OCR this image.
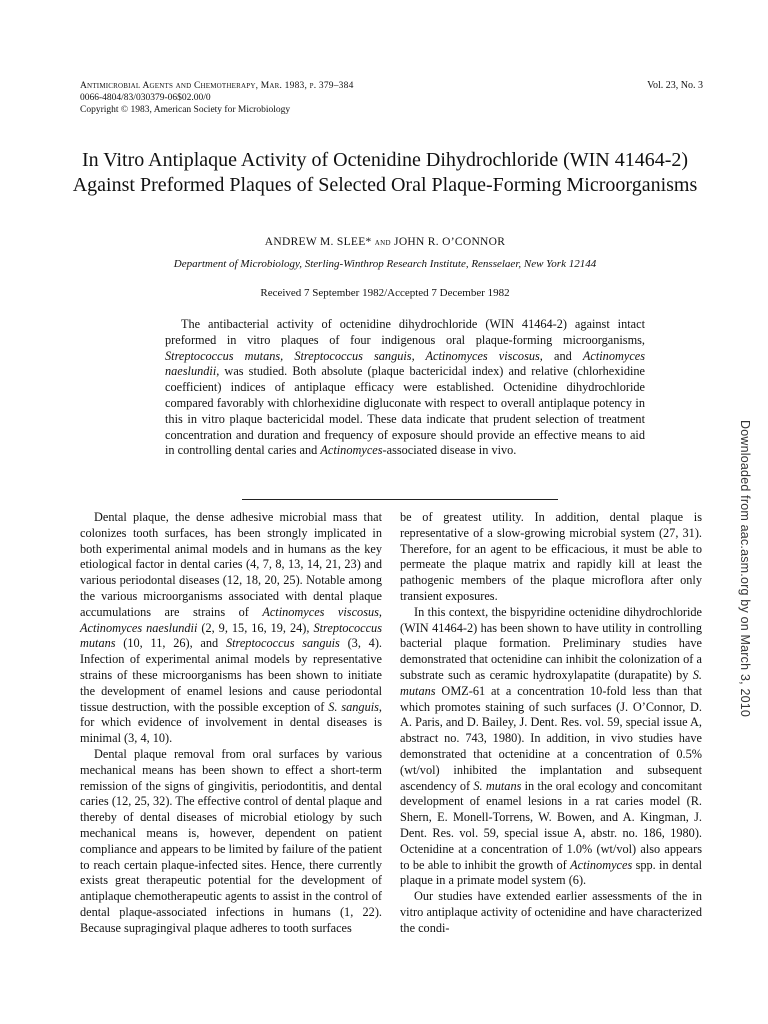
Antimicrobial Agents and Chemotherapy, Mar. 1983, p. 379–384
0066-4804/83/030379-06$02.00/0
Copyright © 1983, American Society for Microbiology
Vol. 23, No. 3
In Vitro Antiplaque Activity of Octenidine Dihydrochloride (WIN 41464-2) Against Preformed Plaques of Selected Oral Plaque-Forming Microorganisms
ANDREW M. SLEE* and JOHN R. O’CONNOR
Department of Microbiology, Sterling-Winthrop Research Institute, Rensselaer, New York 12144
Received 7 September 1982/Accepted 7 December 1982

The antibacterial activity of octenidine dihydrochloride (WIN 41464-2) against intact preformed in vitro plaques of four indigenous oral plaque-forming microorganisms, Streptococcus mutans, Streptococcus sanguis, Actinomyces viscosus, and Actinomyces naeslundii, was studied. Both absolute (plaque bactericidal index) and relative (chlorhexidine coefficient) indices of antiplaque efficacy were established. Octenidine dihydrochloride compared favorably with chlorhexidine digluconate with respect to overall antiplaque potency in this in vitro plaque bactericidal model. These data indicate that prudent selection of treatment concentration and duration and frequency of exposure should provide an effective means to aid in controlling dental caries and Actinomyces-associated disease in vivo.

Dental plaque, the dense adhesive microbial mass that colonizes tooth surfaces, has been strongly implicated in both experimental animal models and in humans as the key etiological factor in dental caries (4, 7, 8, 13, 14, 21, 23) and various periodontal diseases (12, 18, 20, 25). Notable among the various microorganisms associated with dental plaque accumulations are strains of Actinomyces viscosus, Actinomyces naeslundii (2, 9, 15, 16, 19, 24), Streptococcus mutans (10, 11, 26), and Streptococcus sanguis (3, 4). Infection of experimental animal models by representative strains of these microorganisms has been shown to initiate the development of enamel lesions and cause periodontal tissue destruction, with the possible exception of S. sanguis, for which evidence of involvement in dental diseases is minimal (3, 4, 10).

Dental plaque removal from oral surfaces by various mechanical means has been shown to effect a short-term remission of the signs of gingivitis, periodontitis, and dental caries (12, 25, 32). The effective control of dental plaque and thereby of dental diseases of microbial etiology by such mechanical means is, however, dependent on patient compliance and appears to be limited by failure of the patient to reach certain plaque-infected sites. Hence, there currently exists great therapeutic potential for the development of antiplaque chemotherapeutic agents to assist in the control of dental plaque-associated infections in humans (1, 22). Because supragingival plaque adheres to tooth surfaces

be of greatest utility. In addition, dental plaque is representative of a slow-growing microbial system (27, 31). Therefore, for an agent to be efficacious, it must be able to permeate the plaque matrix and rapidly kill at least the pathogenic members of the plaque microflora after only transient exposures.

In this context, the bispyridine octenidine dihydrochloride (WIN 41464-2) has been shown to have utility in controlling bacterial plaque formation. Preliminary studies have demonstrated that octenidine can inhibit the colonization of a substrate such as ceramic hydroxylapatite (durapatite) by S. mutans OMZ-61 at a concentration 10-fold less than that which promotes staining of such surfaces (J. O’Connor, D. A. Paris, and D. Bailey, J. Dent. Res. vol. 59, special issue A, abstract no. 743, 1980). In addition, in vivo studies have demonstrated that octenidine at a concentration of 0.5% (wt/vol) inhibited the implantation and subsequent ascendency of S. mutans in the oral ecology and concomitant development of enamel lesions in a rat caries model (R. Shern, E. Monell-Torrens, W. Bowen, and A. Kingman, J. Dent. Res. vol. 59, special issue A, abstr. no. 186, 1980). Octenidine at a concentration of 1.0% (wt/vol) also appears to be able to inhibit the growth of Actinomyces spp. in dental plaque in a primate model system (6).

Our studies have extended earlier assessments of the in vitro antiplaque activity of octenidine and have characterized the condi-

Downloaded from aac.asm.org by on March 3, 2010
